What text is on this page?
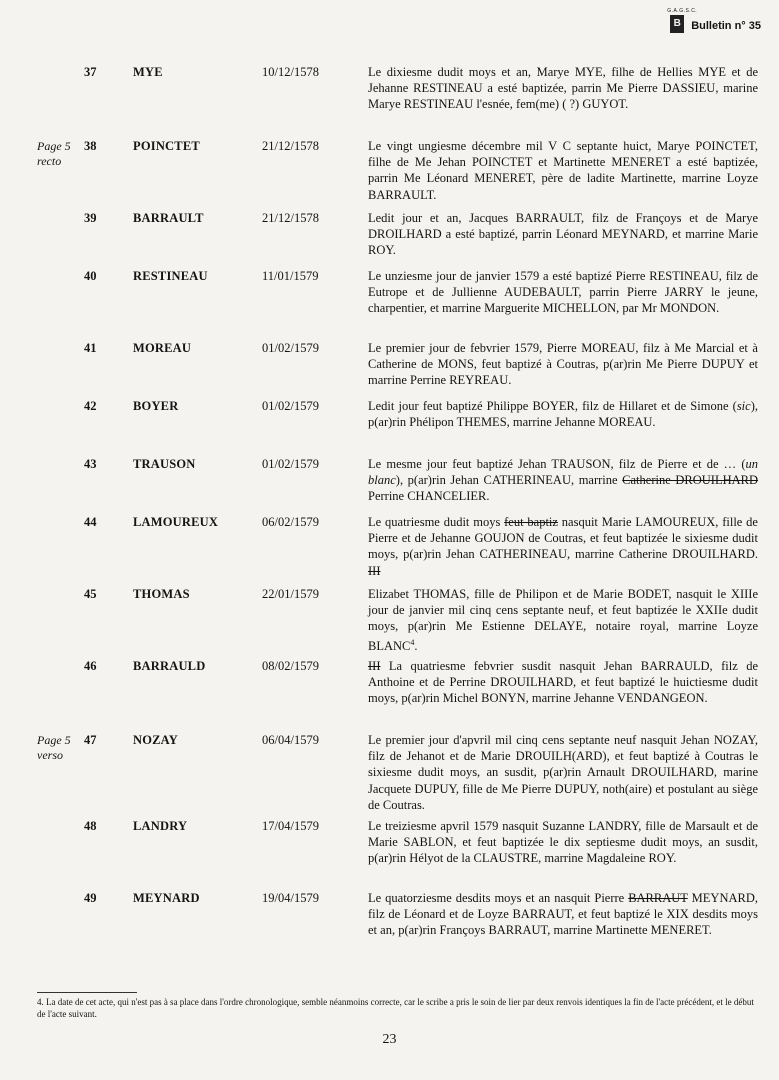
G.A.G.S.C.
B Bulletin n° 35
37	MYE	10/12/1578	Le dixiesme dudit moys et an, Marye MYE, filhe de Hellies MYE et de Jehanne RESTINEAU a esté baptizée, parrin Me Pierre DASSIEU, marine Marye RESTINEAU l'esnée, fem(me) ( ?) GUYOT.
Page 5 recto
38	POINCTET	21/12/1578	Le vingt ungiesme décembre mil V C septante huict, Marye POINCTET, filhe de Me Jehan POINCTET et Martinette MENERET a esté baptizée, parrin Me Léonard MENERET, père de ladite Martinette, marrine Loyze BARRAULT.
39	BARRAULT	21/12/1578	Ledit jour et an, Jacques BARRAULT, filz de Françoys et de Marye DROILHARD a esté baptizé, parrin Léonard MEYNARD, et marrine Marie ROY.
40	RESTINEAU	11/01/1579	Le unziesme jour de janvier 1579 a esté baptizé Pierre RESTINEAU, filz de Eutrope et de Jullienne AUDEBAULT, parrin Pierre JARRY le jeune, charpentier, et marrine Marguerite MICHELLON, par Mr MONDON.
41	MOREAU	01/02/1579	Le premier jour de febvrier 1579, Pierre MOREAU, filz à Me Marcial et à Catherine de MONS, feut baptizé à Coutras, p(ar)rin Me Pierre DUPUY et marrine Perrine REYREAU.
42	BOYER	01/02/1579	Ledit jour feut baptizé Philippe BOYER, filz de Hillaret et de Simone (sic), p(ar)rin Phélipon THEMES, marrine Jehanne MOREAU.
43	TRAUSON	01/02/1579	Le mesme jour feut baptizé Jehan TRAUSON, filz de Pierre et de … (un blanc), p(ar)rin Jehan CATHERINEAU, marrine Catherine DROUILHARD Perrine CHANCELIER.
44	LAMOUREUX	06/02/1579	Le quatriesme dudit moys feut baptiz nasquit Marie LAMOUREUX, fille de Pierre et de Jehanne GOUJON de Coutras, et feut baptizée le sixiesme dudit moys, p(ar)rin Jehan CATHERINEAU, marrine Catherine DROUILHARD. III
45	THOMAS	22/01/1579	Elizabet THOMAS, fille de Philipon et de Marie BODET, nasquit le XIIIe jour de janvier mil cinq cens septante neuf, et feut baptizée le XXIIe dudit moys, p(ar)rin Me Estienne DELAYE, notaire royal, marrine Loyze BLANC$^4$.
46	BARRAULD	08/02/1579	III La quatriesme febvrier susdit nasquit Jehan BARRAULD, filz de Anthoine et de Perrine DROUILHARD, et feut baptizé le huictiesme dudit moys, p(ar)rin Michel BONYN, marrine Jehanne VENDANGEON.
Page 5 verso
47	NOZAY	06/04/1579	Le premier jour d'apvril mil cinq cens septante neuf nasquit Jehan NOZAY, filz de Jehanot et de Marie DROUILH(ARD), et feut baptizé à Coutras le sixiesme dudit moys, an susdit, p(ar)rin Arnault DROUILHARD, marine Jacquete DUPUY, fille de Me Pierre DUPUY, noth(aire) et postulant au siège de Coutras.
48	LANDRY	17/04/1579	Le treiziesme apvril 1579 nasquit Suzanne LANDRY, fille de Marsault et de Marie SABLON, et feut baptizée le dix septiesme dudit moys, an susdit, p(ar)rin Hélyot de la CLAUSTRE, marrine Magdaleine ROY.
49	MEYNARD	19/04/1579	Le quatorziesme desdits moys et an nasquit Pierre BARRAUT MEYNARD, filz de Léonard et de Loyze BARRAUT, et feut baptizé le XIX desdits moys et an, p(ar)rin Françoys BARRAUT, marrine Martinette MENERET.
4. La date de cet acte, qui n'est pas à sa place dans l'ordre chronologique, semble néanmoins correcte, car le scribe a pris le soin de lier par deux renvois identiques la fin de l'acte précédent, et le début de l'acte suivant.
23
